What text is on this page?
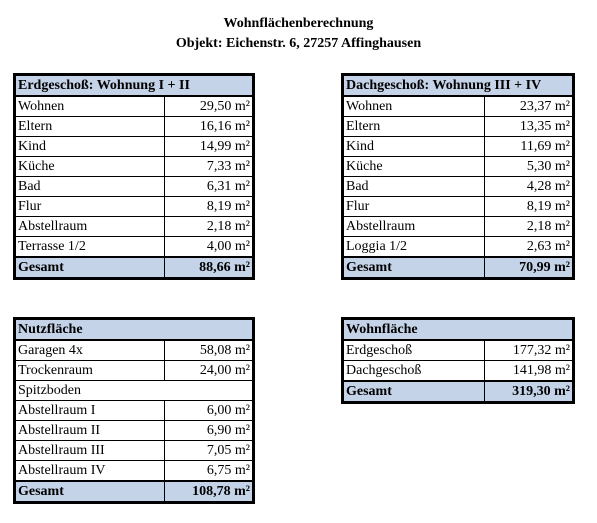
Wohnflächenberechnung
Objekt: Eichenstr. 6, 27257 Affinghausen
Erdgeschoß: Wohnung I + II	
Wohnen	29,50 m²
Eltern	16,16 m²
Kind	14,99 m²
Küche	7,33 m²
Bad	6,31 m²
Flur	8,19 m²
Abstellraum	2,18 m²
Terrasse 1/2	4,00 m²
Gesamt	88,66 m²
Dachgeschoß: Wohnung III + IV	
Wohnen	23,37 m²
Eltern	13,35 m²
Kind	11,69 m²
Küche	5,30 m²
Bad	4,28 m²
Flur	8,19 m²
Abstellraum	2,18 m²
Loggia 1/2	2,63 m²
Gesamt	70,99 m²
Nutzfläche	
Garagen 4x	58,08 m²
Trockenraum	24,00 m²
Spitzboden	
Abstellraum I	6,00 m²
Abstellraum II	6,90 m²
Abstellraum III	7,05 m²
Abstellraum IV	6,75 m²
Gesamt	108,78 m²
Wohnfläche	
Erdgeschoß	177,32 m²
Dachgeschoß	141,98 m²
Gesamt	319,30 m²
